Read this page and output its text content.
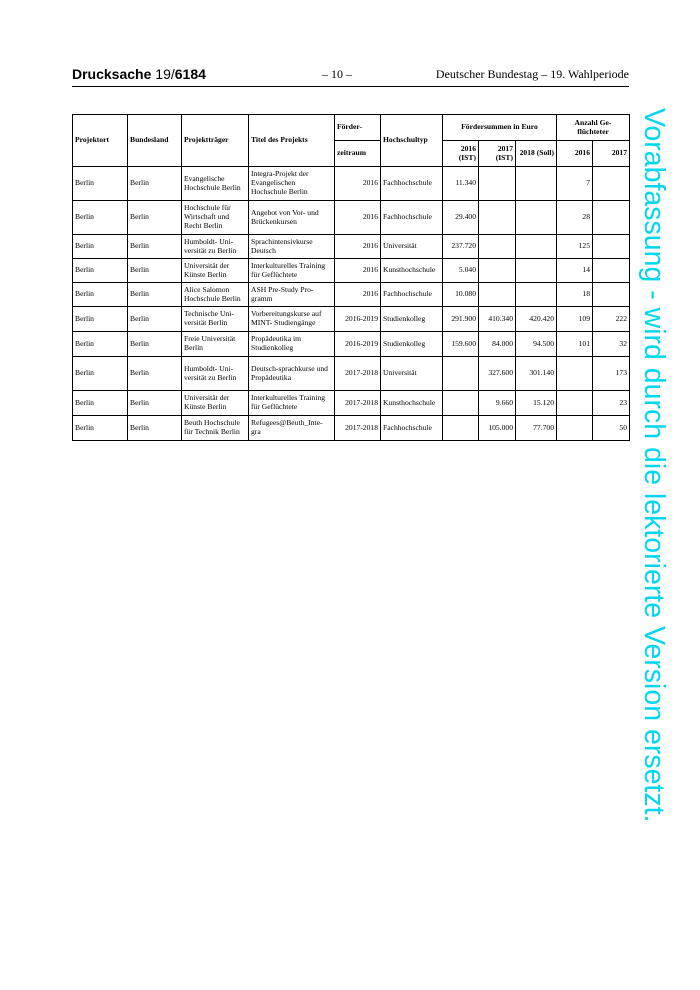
Drucksache 19/6184	– 10 –	Deutscher Bundestag – 19. Wahlperiode
Projektort	Bundesland	Projektträger	Titel des Projekts	Förder-	Hochschultyp	Fördersummen in Euro			Anzahl Ge-flüchteter	
				zeitraum		2016 (IST)	2017 (IST)	2018 (Soll)	2016	2017
Berlin	Berlin	Evangelische Hochschule Berlin	Integra-Projekt der Evangelischen Hochschule Berlin	2016	Fachhochschule	11.340			7	
Berlin	Berlin	Hochschule für Wirtschaft und Recht Berlin	Angebot von Vor- und Brückenkursen	2016	Fachhochschule	29.400			28	
Berlin	Berlin	Humboldt- Uni-versität zu Berlin	Sprachintensivkurse Deutsch	2016	Universität	237.720			125	
Berlin	Berlin	Universität der Künste Berlin	Interkulturelles Training für Geflüchtete	2016	Kunsthochschule	5.040			14	
Berlin	Berlin	Alice Salomon Hochschule Berlin	ASH Pre-Study Pro-gramm	2016	Fachhochschule	10.080			18	
Berlin	Berlin	Technische Uni-versität Berlin	Vorbereitungskurse auf MINT- Studiengänge	2016-2019	Studienkolleg	291.900	410.340	420.420	109	222
Berlin	Berlin	Freie Universität Berlin	Propädeutika im Studienkolleg	2016-2019	Studienkolleg	159.600	84.000	94.500	101	32
Berlin	Berlin	Humboldt- Uni-versität zu Berlin	Deutsch-sprachkurse und Propädeutika	2017-2018	Universität		327.600	301.140		173
Berlin	Berlin	Universität der Künste Berlin	Interkulturelles Training für Geflüchtete	2017-2018	Kunsthochschule		9.660	15.120		23
Berlin	Berlin	Beuth Hochschule für Technik Berlin	Refugees@Beuth_Inte-gra	2017-2018	Fachhochschule		105.000	77.700		50 Vorabfassung - wird durch die lektorierte Version ersetzt.
